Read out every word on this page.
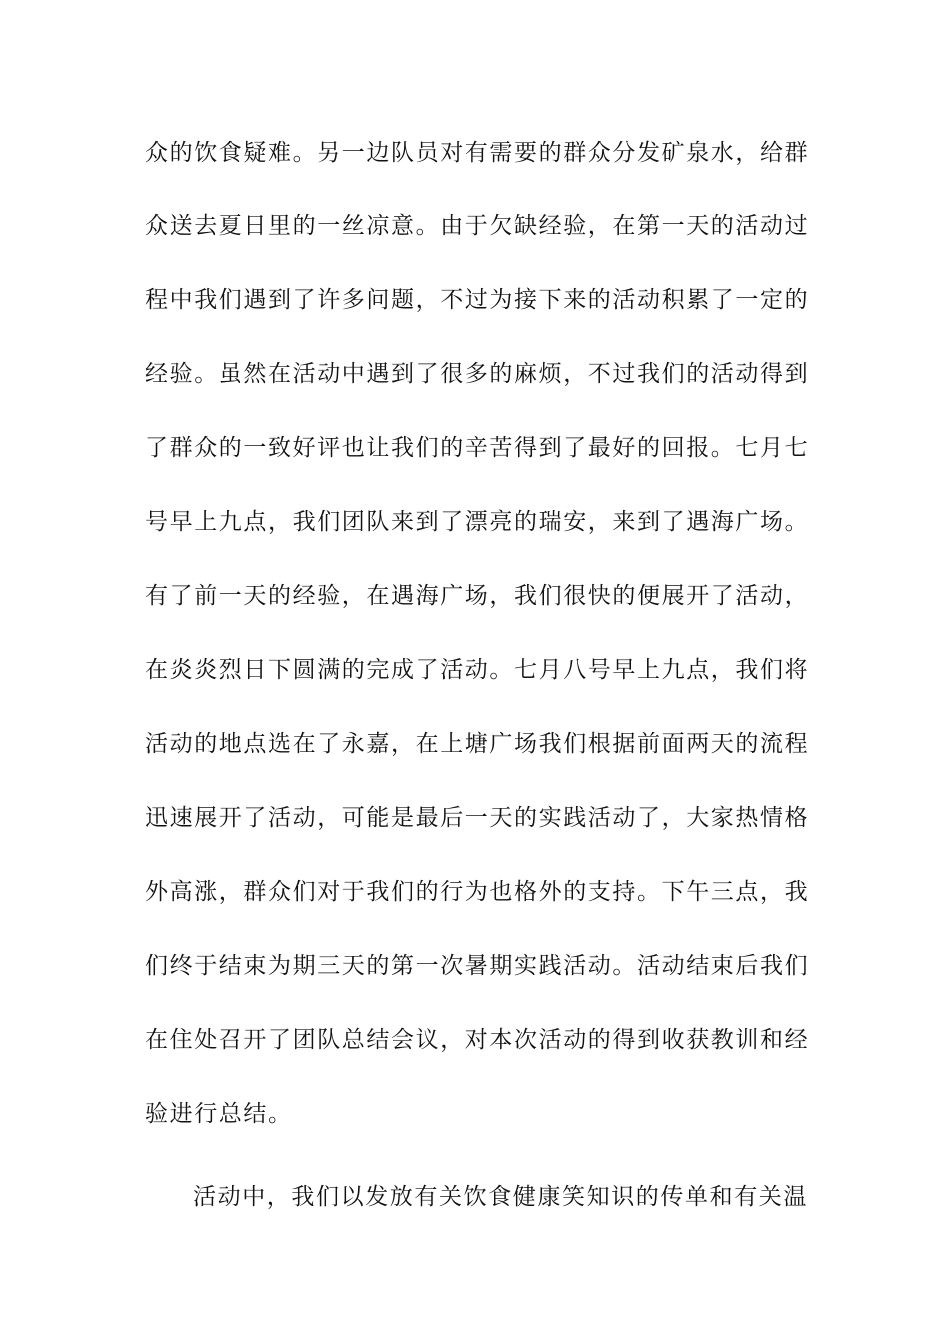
众的饮食疑难。另一边队员对有需要的群众分发矿泉水，给群
众送去夏日里的一丝凉意。由于欠缺经验，在第一天的活动过
程中我们遇到了许多问题，不过为接下来的活动积累了一定的
经验。虽然在活动中遇到了很多的麻烦，不过我们的活动得到
了群众的一致好评也让我们的辛苦得到了最好的回报。七月七
号早上九点，我们团队来到了漂亮的瑞安，来到了遇海广场。
有了前一天的经验，在遇海广场，我们很快的便展开了活动，
在炎炎烈日下圆满的完成了活动。七月八号早上九点，我们将
活动的地点选在了永嘉，在上塘广场我们根据前面两天的流程
迅速展开了活动，可能是最后一天的实践活动了，大家热情格
外高涨，群众们对于我们的行为也格外的支持。下午三点，我
们终于结束为期三天的第一次暑期实践活动。活动结束后我们
在住处召开了团队总结会议，对本次活动的得到收获教训和经
验进行总结。
活动中，我们以发放有关饮食健康笑知识的传单和有关温
